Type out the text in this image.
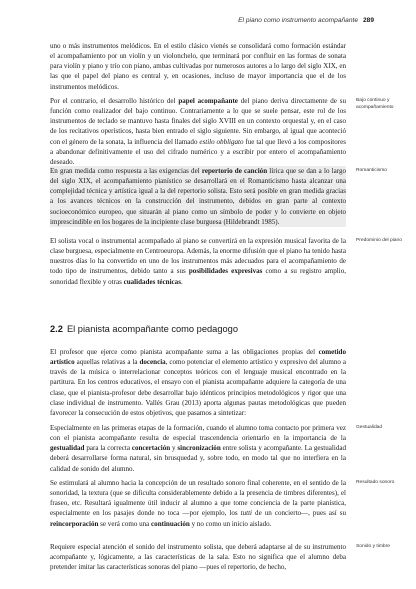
El piano como instrumento acompañante 289

uno o más instrumentos melódicos. En el estilo clásico vienés se consolidará como formación estándar el acompañamiento por un violín y un violonchelo, que terminará por confluir en las formas de sonata para violín y piano y trío con piano, ambas cultivadas por numerosos autores a lo largo del siglo XIX, en las que el papel del piano es central y, en ocasiones, incluso de mayor importancia que el de los instrumentos melódicos.

Por el contrario, el desarrollo histórico del papel acompañante del piano deriva directamente de su función como realizador del bajo continuo. Contrariamente a lo que se suele pensar, este rol de los instrumentos de teclado se mantuvo hasta finales del siglo XVIII en un contexto orquestal y, en el caso de los recitativos operísticos, hasta bien entrado el siglo siguiente. Sin embargo, al igual que aconteció con el género de la sonata, la influencia del llamado estilo obbligato fue tal que llevó a los compositores a abandonar definitivamente el uso del cifrado numérico y a escribir por entero el acompañamiento deseado.

En gran medida como respuesta a las exigencias del repertorio de canción lírica que se dan a lo largo del siglo XIX, el acompañamiento pianístico se desarrollará en el Romanticismo hasta alcanzar una complejidad técnica y artística igual a la del repertorio solista. Esto será posible en gran medida gracias a los avances técnicos en la construcción del instrumento, debidos en gran parte al contexto socioeconómico europeo, que situarán al piano como un símbolo de poder y lo convierte en objeto imprescindible en los hogares de la incipiente clase burguesa (Hildebrandt 1985).

El solista vocal o instrumental acompañado al piano se convertirá en la expresión musical favorita de la clase burguesa, especialmente en Centroeuropa. Además, la enorme difusión que el piano ha tenido hasta nuestros días lo ha convertido en uno de los instrumentos más adecuados para el acompañamiento de todo tipo de instrumentos, debido tanto a sus posibilidades expresivas como a su registro amplio, sonoridad flexible y otras cualidades técnicas.

2.2 El pianista acompañante como pedagogo

El profesor que ejerce como pianista acompañante suma a las obligaciones propias del cometido artístico aquellas relativas a la docencia, como potenciar el elemento artístico y expresivo del alumno a través de la música o interrelacionar conceptos teóricos con el lenguaje musical encontrado en la partitura. En los centros educativos, el ensayo con el pianista acompañante adquiere la categoría de una clase, que el pianista-profesor debe desarrollar bajo idénticos principios metodológicos y rigor que una clase individual de instrumento. Vallés Grau (2013) aporta algunas pautas metodológicas que pueden favorecer la consecución de estos objetivos, que pasamos a sintetizar:

Especialmente en las primeras etapas de la formación, cuando el alumno toma contacto por primera vez con el pianista acompañante resulta de especial trascendencia orientarlo en la importancia de la gestualidad para la correcta concertación y sincronización entre solista y acompañante. La gestualidad deberá desarrollarse forma natural, sin brusquedad y, sobre todo, en modo tal que no interfiera en la calidad de sonido del alumno.

Se estimulará al alumno hacia la concepción de un resultado sonoro final coherente, en el sentido de la sonoridad, la textura (que se dificulta considerablemente debido a la presencia de timbres diferentes), el fraseo, etc. Resultará igualmente útil inducir al alumno a que tome conciencia de la parte pianística, especialmente en los pasajes donde no toca —por ejemplo, los tutti de un concierto—, pues así su reincorporación se verá como una continuación y no como un inicio aislado.

Requiere especial atención el sonido del instrumento solista, que deberá adaptarse al de su instrumento acompañante y, lógicamente, a las características de la sala. Esto no significa que el alumno deba pretender imitar las características sonoras del piano —pues el repertorio, de hecho,

Bajo continuo y acompañamiento

Romanticismo

Predominio del piano

Gestualidad

Resultado sonoro

Sonido y timbre
